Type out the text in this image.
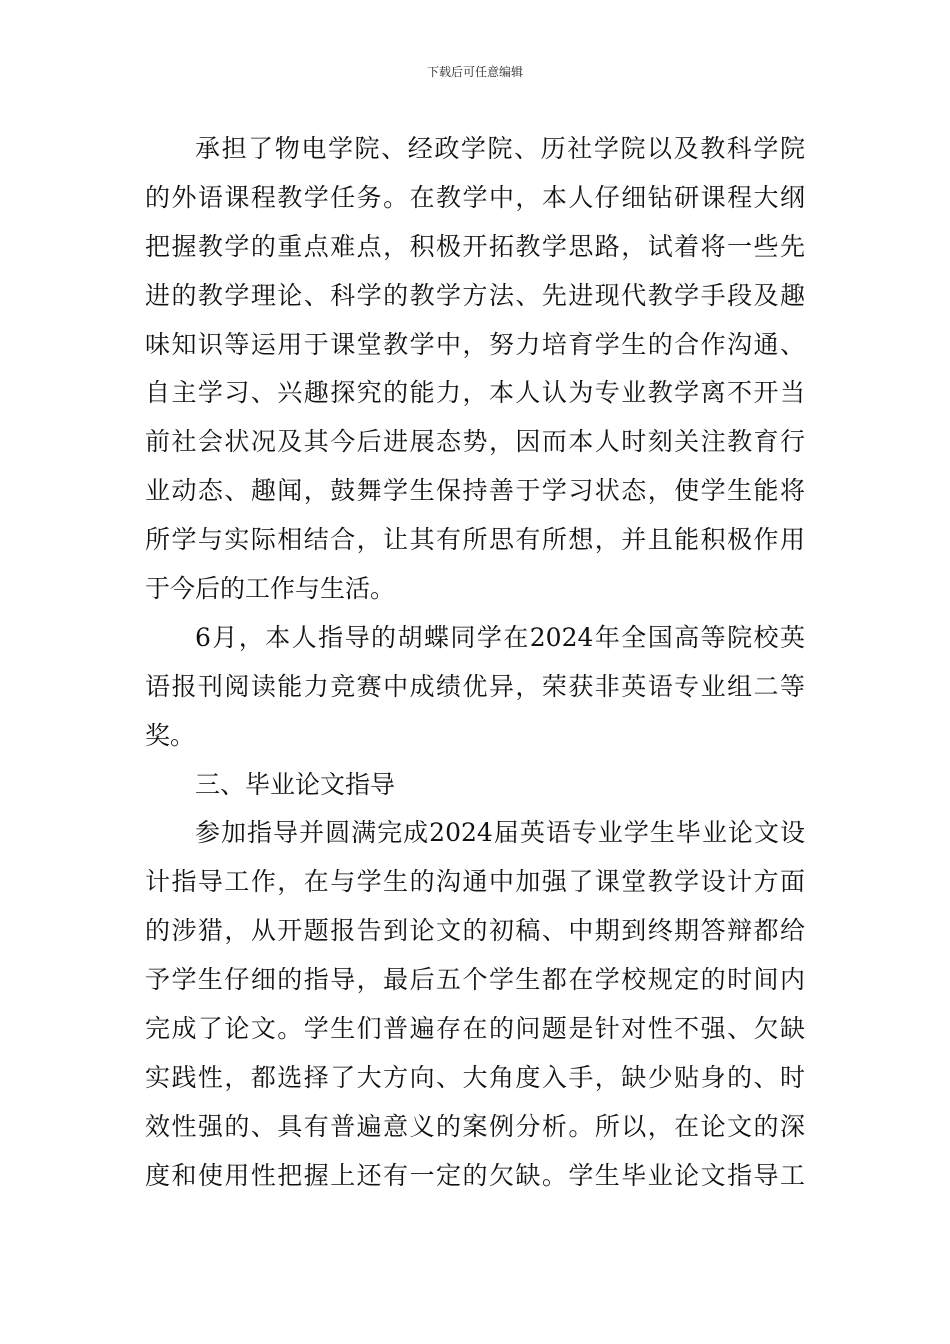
下载后可任意编辑
承担了物电学院、经政学院、历社学院以及教科学院
的外语课程教学任务。在教学中，本人仔细钻研课程大纲
把握教学的重点难点，积极开拓教学思路，试着将一些先
进的教学理论、科学的教学方法、先进现代教学手段及趣
味知识等运用于课堂教学中，努力培育学生的合作沟通、
自主学习、兴趣探究的能力，本人认为专业教学离不开当
前社会状况及其今后进展态势，因而本人时刻关注教育行
业动态、趣闻，鼓舞学生保持善于学习状态，使学生能将
所学与实际相结合，让其有所思有所想，并且能积极作用
于今后的工作与生活。
6月，本人指导的胡蝶同学在2024年全国高等院校英
语报刊阅读能力竞赛中成绩优异，荣获非英语专业组二等
奖。
三、毕业论文指导
参加指导并圆满完成2024届英语专业学生毕业论文设
计指导工作，在与学生的沟通中加强了课堂教学设计方面
的涉猎，从开题报告到论文的初稿、中期到终期答辩都给
予学生仔细的指导，最后五个学生都在学校规定的时间内
完成了论文。学生们普遍存在的问题是针对性不强、欠缺
实践性，都选择了大方向、大角度入手，缺少贴身的、时
效性强的、具有普遍意义的案例分析。所以，在论文的深
度和使用性把握上还有一定的欠缺。学生毕业论文指导工
